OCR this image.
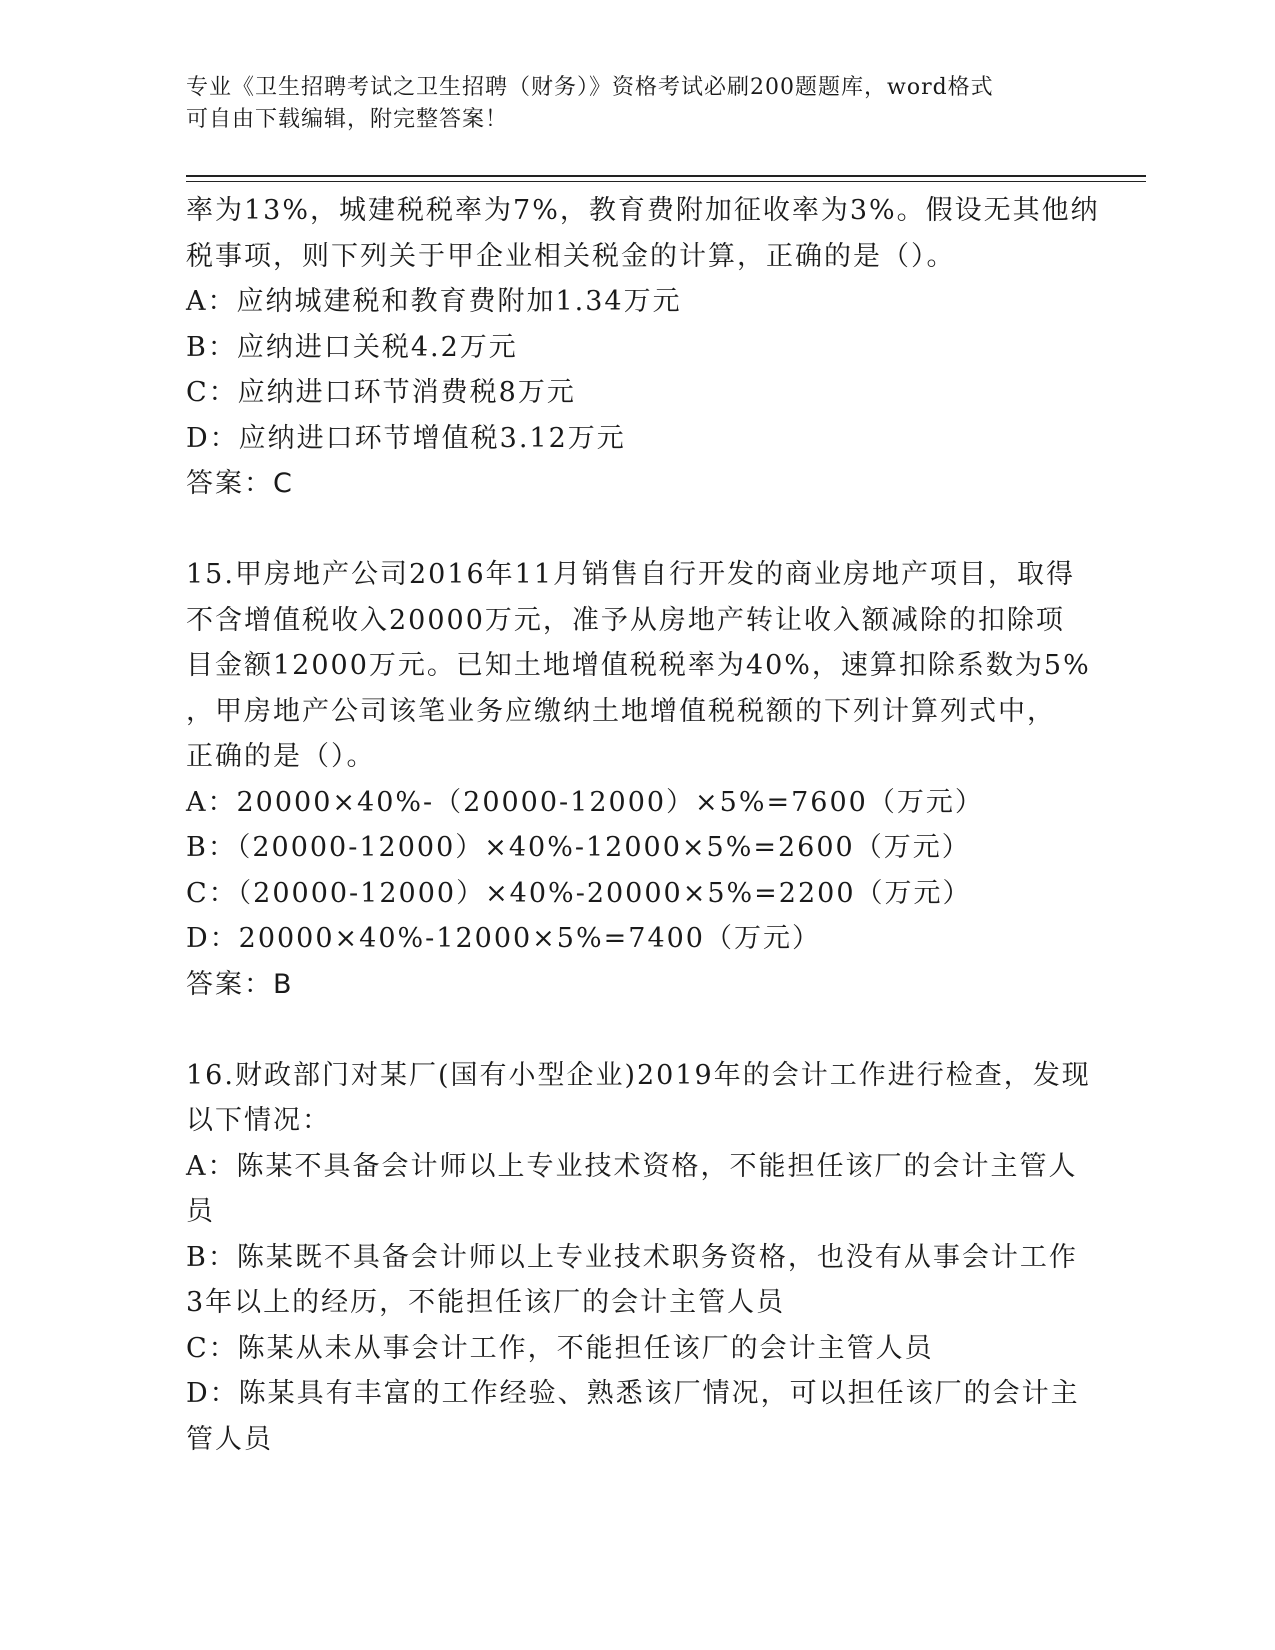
专业《卫生招聘考试之卫生招聘（财务）》资格考试必刷200题题库，word格式
可自由下载编辑，附完整答案！
率为13%，城建税税率为7%，教育费附加征收率为3%。假设无其他纳
税事项，则下列关于甲企业相关税金的计算，正确的是（）。
A：应纳城建税和教育费附加1.34万元
B：应纳进口关税4.2万元
C：应纳进口环节消费税8万元
D：应纳进口环节增值税3.12万元
答案：C
15.甲房地产公司2016年11月销售自行开发的商业房地产项目，取得
不含增值税收入20000万元，准予从房地产转让收入额减除的扣除项
目金额12000万元。已知土地增值税税率为40%，速算扣除系数为5%
，甲房地产公司该笔业务应缴纳土地增值税税额的下列计算列式中，
正确的是（）。
A：20000×40%-（20000-12000）×5%=7600（万元）
B：（20000-12000）×40%-12000×5%=2600（万元）
C：（20000-12000）×40%-20000×5%=2200（万元）
D：20000×40%-12000×5%=7400（万元）
答案：B
16.财政部门对某厂(国有小型企业)2019年的会计工作进行检查，发现
以下情况：
A：陈某不具备会计师以上专业技术资格，不能担任该厂的会计主管人
员
B：陈某既不具备会计师以上专业技术职务资格，也没有从事会计工作
3年以上的经历，不能担任该厂的会计主管人员
C：陈某从未从事会计工作，不能担任该厂的会计主管人员
D：陈某具有丰富的工作经验、熟悉该厂情况，可以担任该厂的会计主
管人员
